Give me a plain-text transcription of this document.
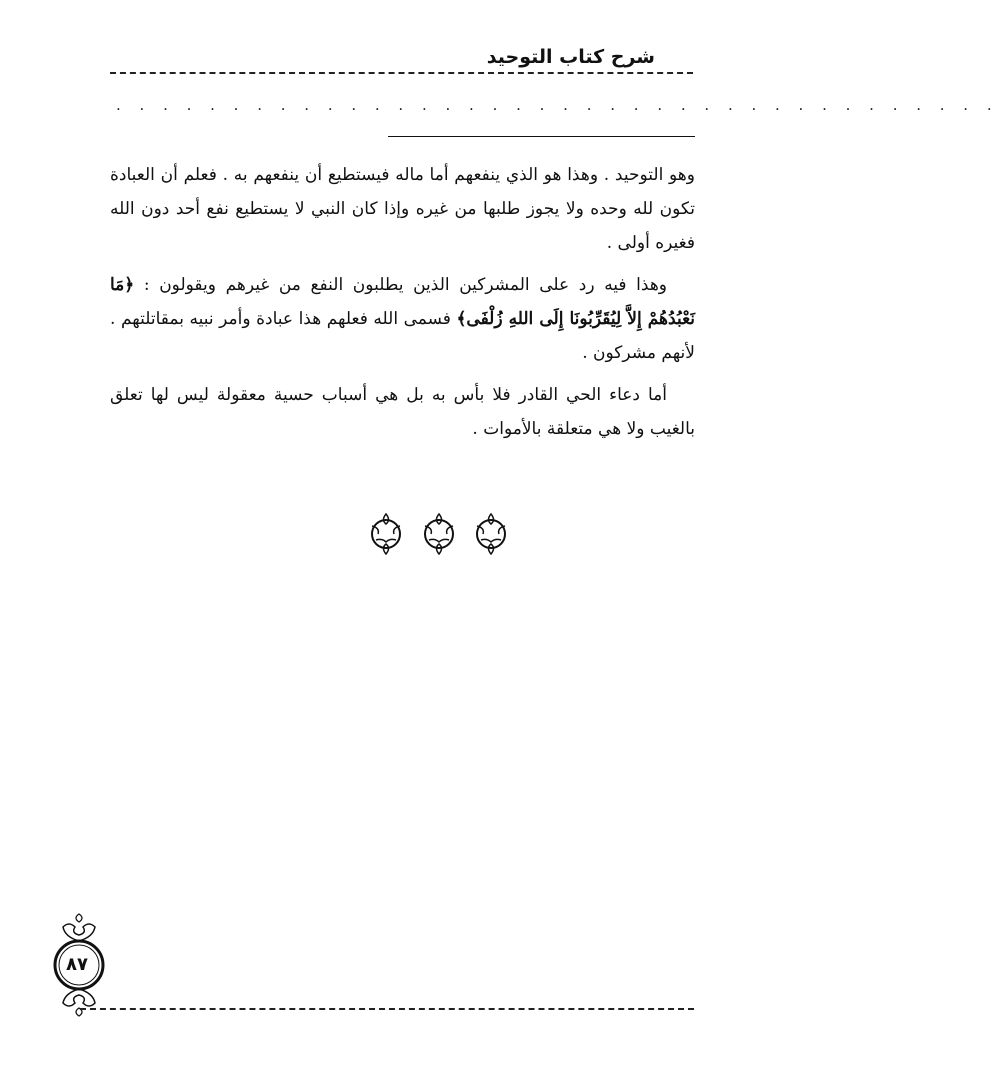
شرح كتاب التوحيد
. . . . . . . . . . . . . . . . . . . . . . . . . . . . . . . . . . . . . .

وهو التوحيد . وهذا هو الذي ينفعهم أما ماله فيستطيع أن ينفعهم به . فعلم أن العبادة تكون لله وحده ولا يجوز طلبها من غيره وإذا كان النبي لا يستطيع نفع أحد دون الله فغيره أولى .

وهذا فيه رد على المشركين الذين يطلبون النفع من غيرهم ويقولون : ﴿مَا نَعْبُدُهُمْ إِلاَّ لِيُقَرِّبُونَا إِلَى اللهِ زُلْفَى﴾ فسمى الله فعلهم هذا عبادة وأمر نبيه بمقاتلتهم . لأنهم مشركون .

أما دعاء الحي القادر فلا بأس به بل هي أسباب حسية معقولة ليس لها تعلق بالغيب ولا هي متعلقة بالأموات .

٨٧
